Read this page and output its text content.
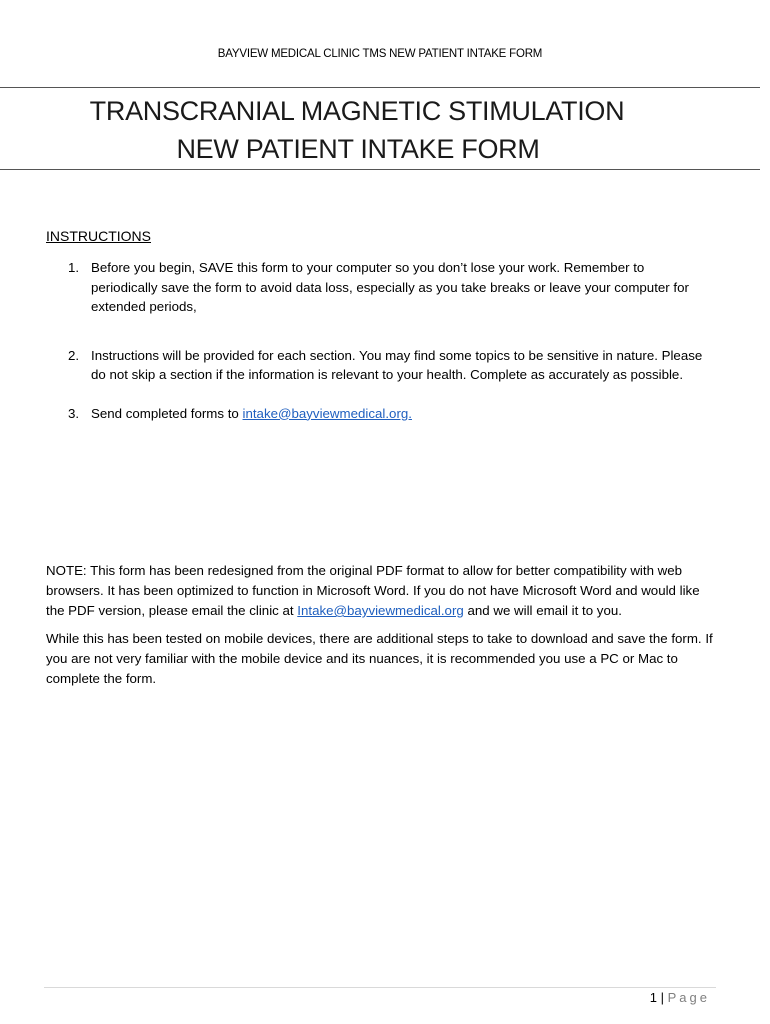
BAYVIEW MEDICAL CLINIC TMS NEW PATIENT INTAKE FORM
TRANSCRANIAL MAGNETIC STIMULATION
NEW PATIENT INTAKE FORM
INSTRUCTIONS
1. Before you begin, SAVE this form to your computer so you don’t lose your work. Remember to periodically save the form to avoid data loss, especially as you take breaks or leave your computer for extended periods,
2. Instructions will be provided for each section. You may find some topics to be sensitive in nature. Please do not skip a section if the information is relevant to your health. Complete as accurately as possible.
3. Send completed forms to intake@bayviewmedical.org.

NOTE: This form has been redesigned from the original PDF format to allow for better compatibility with web browsers. It has been optimized to function in Microsoft Word. If you do not have Microsoft Word and would like the PDF version, please email the clinic at Intake@bayviewmedical.org and we will email it to you.

While this has been tested on mobile devices, there are additional steps to take to download and save the form. If you are not very familiar with the mobile device and its nuances, it is recommended you use a PC or Mac to complete the form.

1 | Page
